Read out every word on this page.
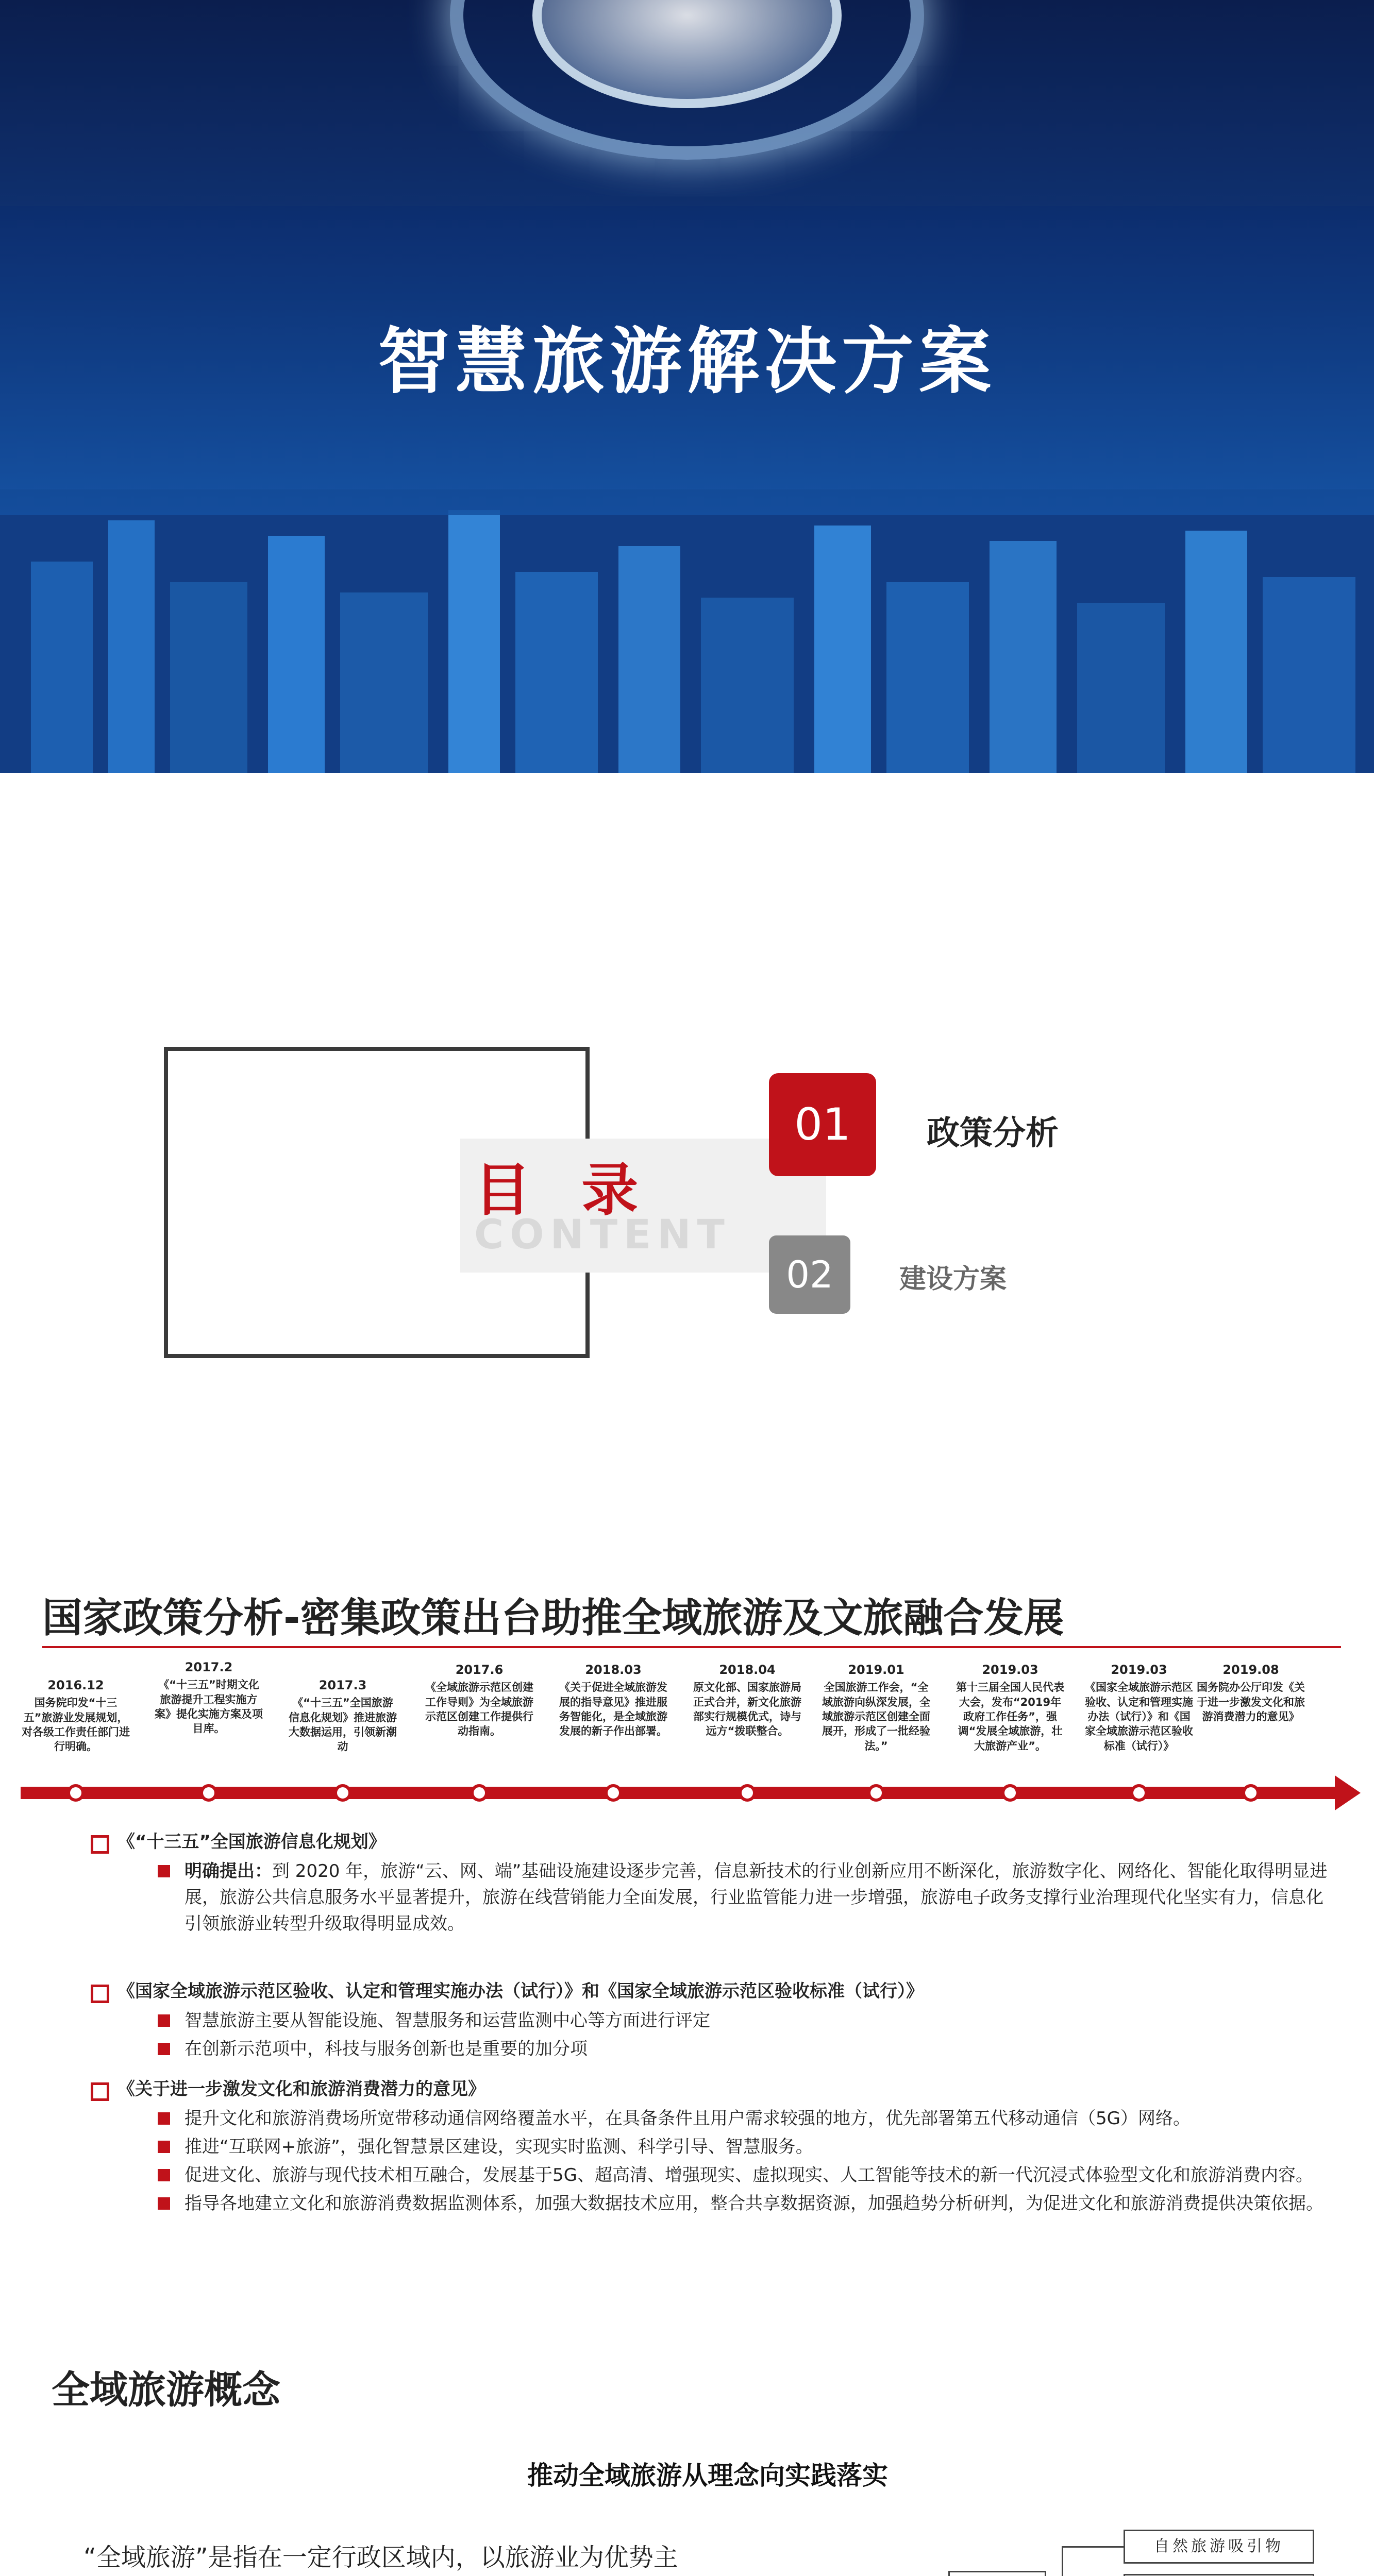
智慧旅游解决方案
目 录
CONTENT
01	政策分析
02	建设方案
国家政策分析-密集政策出台助推全域旅游及文旅融合发展
2016.12
国务院印发“十三五”旅游业发展规划，对各级工作责任部门进行明确。
2017.2
《“十三五”时期文化旅游提升工程实施方案》提化实施方案及项目库。
2017.3
《“十三五”全国旅游信息化规划》推进旅游大数据运用，引领新潮动
2017.6
《全域旅游示范区创建工作导则》为全域旅游示范区创建工作提供行动指南。
2018.03
《关于促进全域旅游发展的指导意见》推进服务智能化，是全域旅游发展的新子作出部署。
2018.04
原文化部、国家旅游局正式合并，新文化旅游部实行规模优式，诗与远方“拨联整合。
2019.01
全国旅游工作会，“全域旅游向纵深发展，全域旅游示范区创建全面展开，形成了一批经验法。”
2019.03
第十三届全国人民代表大会，发布“2019年政府工作任务”，强调“发展全域旅游，壮大旅游产业”。
2019.03
《国家全域旅游示范区验收、认定和管理实施办法（试行）》和《国家全域旅游示范区验收标准（试行）》
2019.08
国务院办公厅印发《关于进一步激发文化和旅游消费潜力的意见》
《“十三五”全国旅游信息化规划》
明确提出：到 2020 年，旅游“云、网、端”基础设施建设逐步完善，信息新技术的行业创新应用不断深化，旅游数字化、网络化、智能化取得明显进展，旅游公共信息服务水平显著提升，旅游在线营销能力全面发展，行业监管能力进一步增强，旅游电子政务支撑行业治理现代化坚实有力，信息化引领旅游业转型升级取得明显成效。
《国家全域旅游示范区验收、认定和管理实施办法（试行）》和《国家全域旅游示范区验收标准（试行）》
智慧旅游主要从智能设施、智慧服务和运营监测中心等方面进行评定
在创新示范项中，科技与服务创新也是重要的加分项
《关于进一步激发文化和旅游消费潜力的意见》
提升文化和旅游消费场所宽带移动通信网络覆盖水平，在具备条件且用户需求较强的地方，优先部署第五代移动通信（5G）网络。
推进“互联网+旅游”，强化智慧景区建设，实现实时监测、科学引导、智慧服务。
促进文化、旅游与现代技术相互融合，发展基于5G、超高清、增强现实、虚拟现实、人工智能等技术的新一代沉浸式体验型文化和旅游消费内容。
指导各地建立文化和旅游消费数据监测体系，加强大数据技术应用，整合共享数据资源，加强趋势分析研判，为促进文化和旅游消费提供决策依据。
全域旅游概念
推动全域旅游从理念向实践落实
“全域旅游”是指在一定行政区域内，以旅游业为优势主	自然旅游吸引物
